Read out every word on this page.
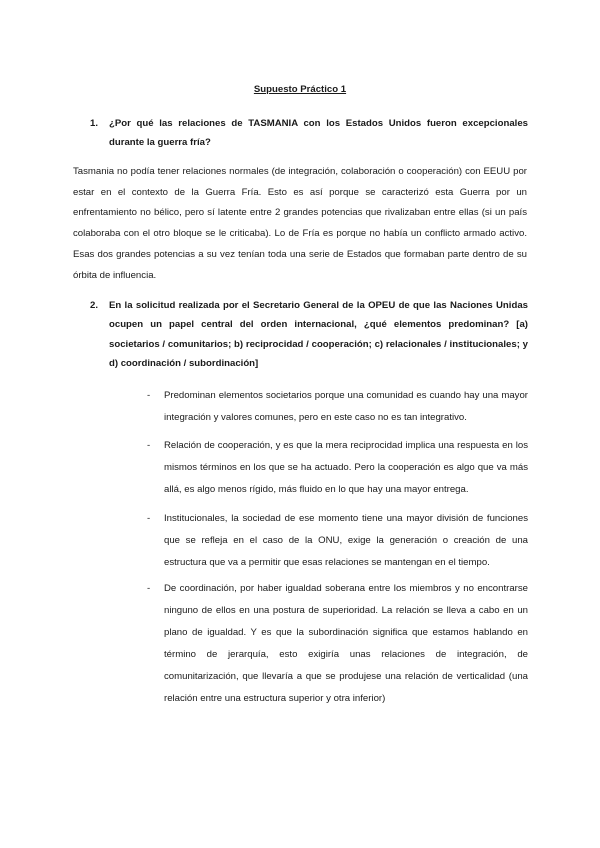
Supuesto Práctico 1
1. ¿Por qué las relaciones de TASMANIA con los Estados Unidos fueron excepcionales durante la guerra fría?

Tasmania no podía tener relaciones normales (de integración, colaboración o cooperación) con EEUU por estar en el contexto de la Guerra Fría. Esto es así porque se caracterizó esta Guerra por un enfrentamiento no bélico, pero sí latente entre 2 grandes potencias que rivalizaban entre ellas (si un país colaboraba con el otro bloque se le criticaba). Lo de Fría es porque no había un conflicto armado activo. Esas dos grandes potencias a su vez tenían toda una serie de Estados que formaban parte dentro de su órbita de influencia.

2. En la solicitud realizada por el Secretario General de la OPEU de que las Naciones Unidas ocupen un papel central del orden internacional, ¿qué elementos predominan? [a) societarios / comunitarios; b) reciprocidad / cooperación; c) relacionales / institucionales; y d) coordinación / subordinación]
- Predominan elementos societarios porque una comunidad es cuando hay una mayor integración y valores comunes, pero en este caso no es tan integrativo.

- Relación de cooperación, y es que la mera reciprocidad implica una respuesta en los mismos términos en los que se ha actuado. Pero la cooperación es algo que va más allá, es algo menos rígido, más fluido en lo que hay una mayor entrega.

- Institucionales, la sociedad de ese momento tiene una mayor división de funciones que se refleja en el caso de la ONU, exige la generación o creación de una estructura que va a permitir que esas relaciones se mantengan en el tiempo.

- De coordinación, por haber igualdad soberana entre los miembros y no encontrarse ninguno de ellos en una postura de superioridad. La relación se lleva a cabo en un plano de igualdad. Y es que la subordinación significa que estamos hablando en término de jerarquía, esto exigiría unas relaciones de integración, de comunitarización, que llevaría a que se produjese una relación de verticalidad (una relación entre una estructura superior y otra inferior)
